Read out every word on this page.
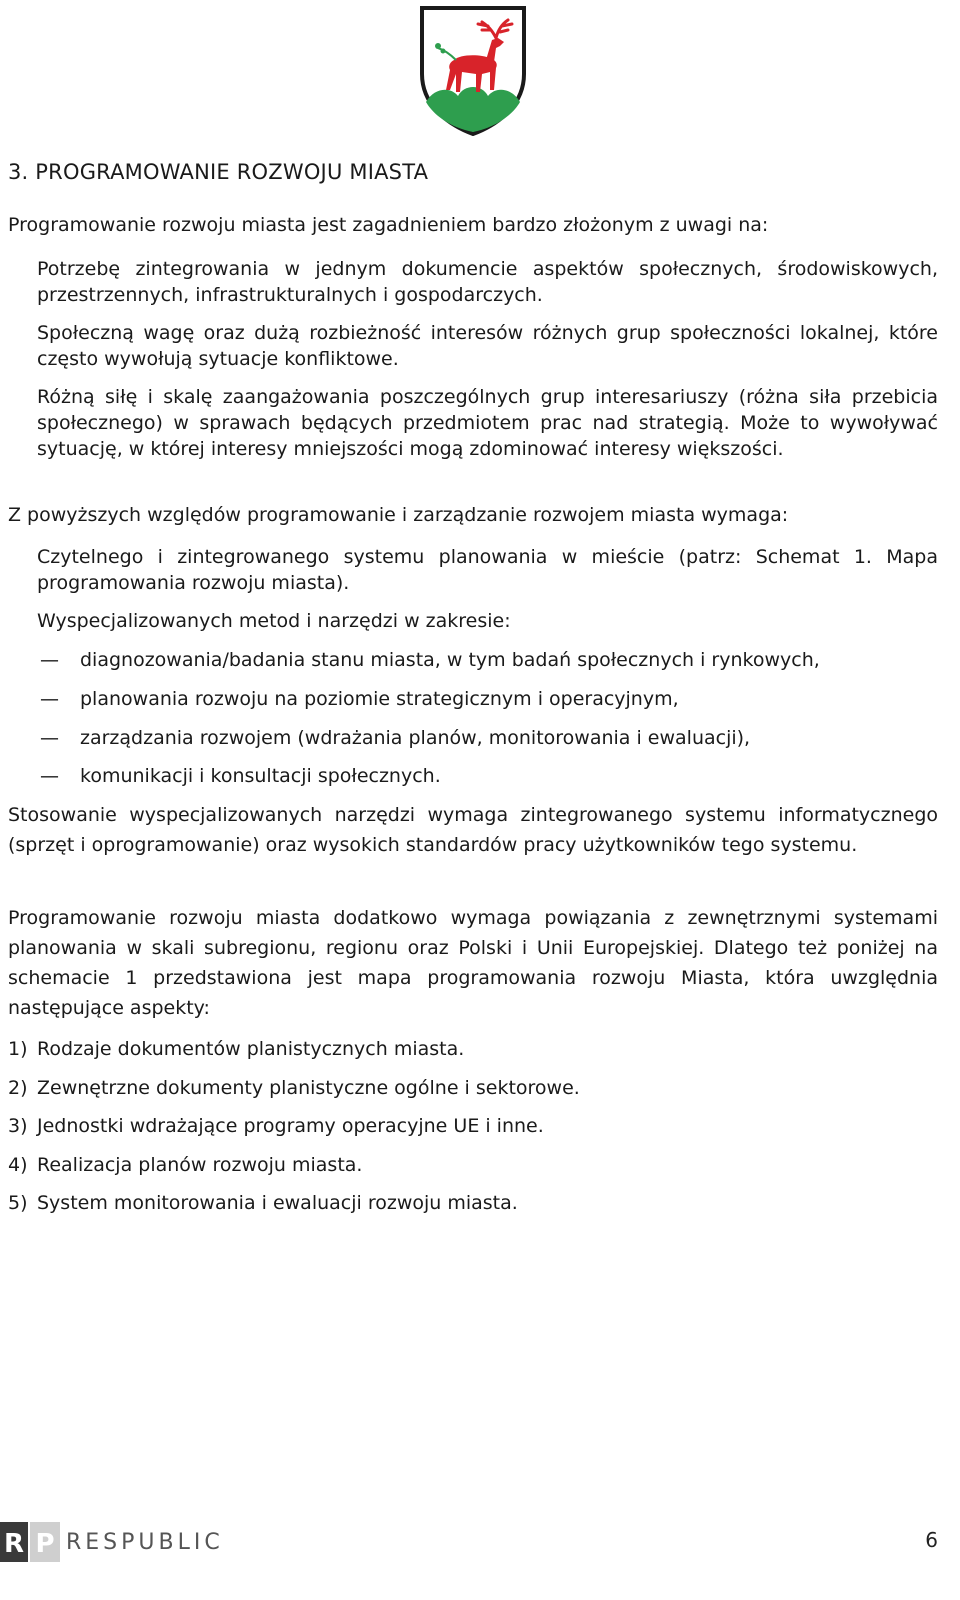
3. PROGRAMOWANIE ROZWOJU MIASTA

Programowanie rozwoju miasta jest zagadnieniem bardzo złożonym z uwagi na:

Potrzebę zintegrowania w jednym dokumencie aspektów społecznych, środowiskowych, przestrzennych, infrastrukturalnych i gospodarczych.

Społeczną wagę oraz dużą rozbieżność interesów różnych grup społeczności lokalnej, które często wywołują sytuacje konfliktowe.

Różną siłę i skalę zaangażowania poszczególnych grup interesariuszy (różna siła przebicia społecznego) w sprawach będących przedmiotem prac nad strategią. Może to wywoływać sytuację, w której interesy mniejszości mogą zdominować interesy większości.

Z powyższych względów programowanie i zarządzanie rozwojem miasta wymaga:

Czytelnego i zintegrowanego systemu planowania w mieście (patrz: Schemat 1. Mapa programowania rozwoju miasta).

Wyspecjalizowanych metod i narzędzi w zakresie:

— diagnozowania/badania stanu miasta, w tym badań społecznych i rynkowych,

— planowania rozwoju na poziomie strategicznym i operacyjnym,

— zarządzania rozwojem (wdrażania planów, monitorowania i ewaluacji),

— komunikacji i konsultacji społecznych.

Stosowanie wyspecjalizowanych narzędzi wymaga zintegrowanego systemu informatycznego (sprzęt i oprogramowanie) oraz wysokich standardów pracy użytkowników tego systemu.

Programowanie rozwoju miasta dodatkowo wymaga powiązania z zewnętrznymi systemami planowania w skali subregionu, regionu oraz Polski i Unii Europejskiej. Dlatego też poniżej na schemacie 1 przedstawiona jest mapa programowania rozwoju Miasta, która uwzględnia następujące aspekty:

1) Rodzaje dokumentów planistycznych miasta.

2) Zewnętrzne dokumenty planistyczne ogólne i sektorowe.

3) Jednostki wdrażające programy operacyjne UE i inne.

4) Realizacja planów rozwoju miasta.

5) System monitorowania i ewaluacji rozwoju miasta.

R P RESPUBLIC	6
